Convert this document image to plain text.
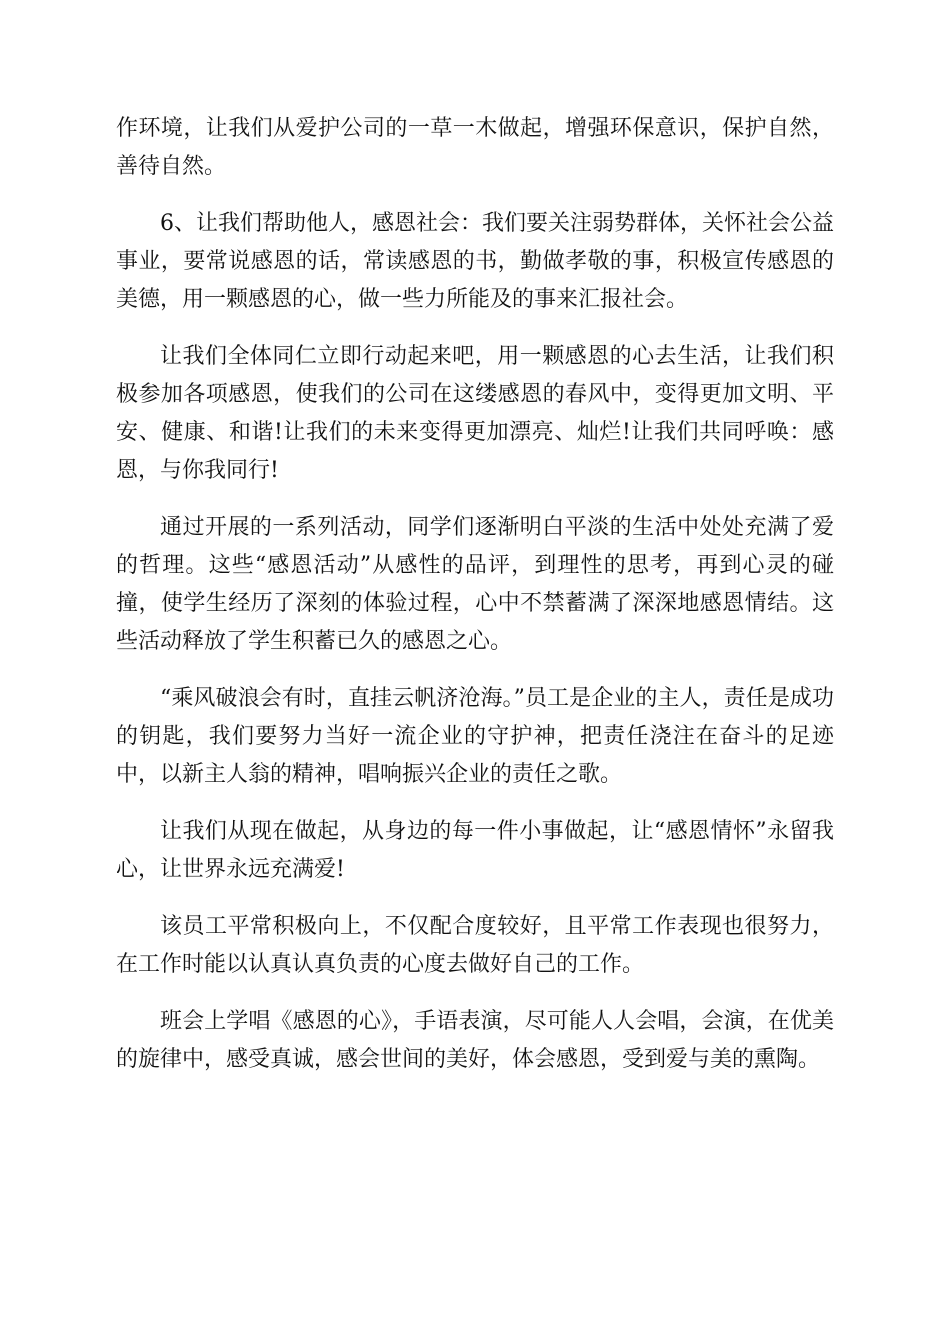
作环境，让我们从爱护公司的一草一木做起，增强环保意识，保护自然，善待自然。

6、让我们帮助他人，感恩社会：我们要关注弱势群体，关怀社会公益事业，要常说感恩的话，常读感恩的书，勤做孝敬的事，积极宣传感恩的美德，用一颗感恩的心，做一些力所能及的事来汇报社会。

让我们全体同仁立即行动起来吧，用一颗感恩的心去生活，让我们积极参加各项感恩，使我们的公司在这缕感恩的春风中，变得更加文明、平安、健康、和谐!让我们的未来变得更加漂亮、灿烂!让我们共同呼唤：感恩，与你我同行!

通过开展的一系列活动，同学们逐渐明白平淡的生活中处处充满了爱的哲理。这些“感恩活动”从感性的品评，到理性的思考，再到心灵的碰撞，使学生经历了深刻的体验过程，心中不禁蓄满了深深地感恩情结。这些活动释放了学生积蓄已久的感恩之心。

“乘风破浪会有时，直挂云帆济沧海。”员工是企业的主人，责任是成功的钥匙，我们要努力当好一流企业的守护神，把责任浇注在奋斗的足迹中，以新主人翁的精神，唱响振兴企业的责任之歌。

让我们从现在做起，从身边的每一件小事做起，让“感恩情怀”永留我心，让世界永远充满爱!

该员工平常积极向上，不仅配合度较好，且平常工作表现也很努力，在工作时能以认真认真负责的心度去做好自己的工作。

班会上学唱《感恩的心》，手语表演，尽可能人人会唱，会演，在优美的旋律中，感受真诚，感会世间的美好，体会感恩，受到爱与美的熏陶。
